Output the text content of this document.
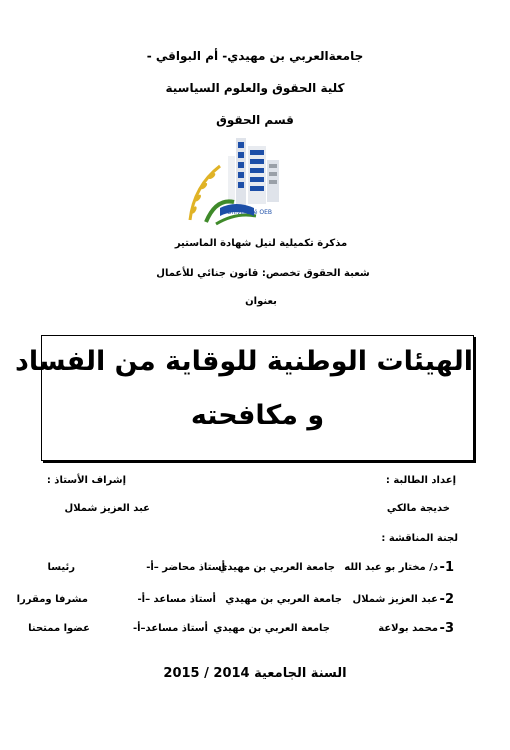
جامعةالعربي بن مهيدي- أم البواقي -
كلية الحقوق والعلوم السياسية
قسم الحقوق
Université OEB
مذكرة تكميلية لنيل شهادة الماستير
شعبة الحقوق تخصص: قانون جنائي للأعمال
بعنوان
الهيئات الوطنية للوقاية من الفساد
و مكافحته
إعداد الطالبة :
إشراف الأستاذ :
خديجة مالكي
عبد العزيز شملال
لجنة المناقشة :
1-
د/ مختار بو عبد الله
جامعة العربي بن مهيدي
أستاذ محاضر –أ-
رئيسا
2-
عبد العزيز شملال
جامعة العربي بن مهيدي
أستاذ مساعد –أ-
مشرفا ومقررا
3-
محمد بولاعة
جامعة العربي بن مهيدي
أستاذ مساعد–أ-
عضوا ممتحنا
السنة الجامعية 2014 / 2015
